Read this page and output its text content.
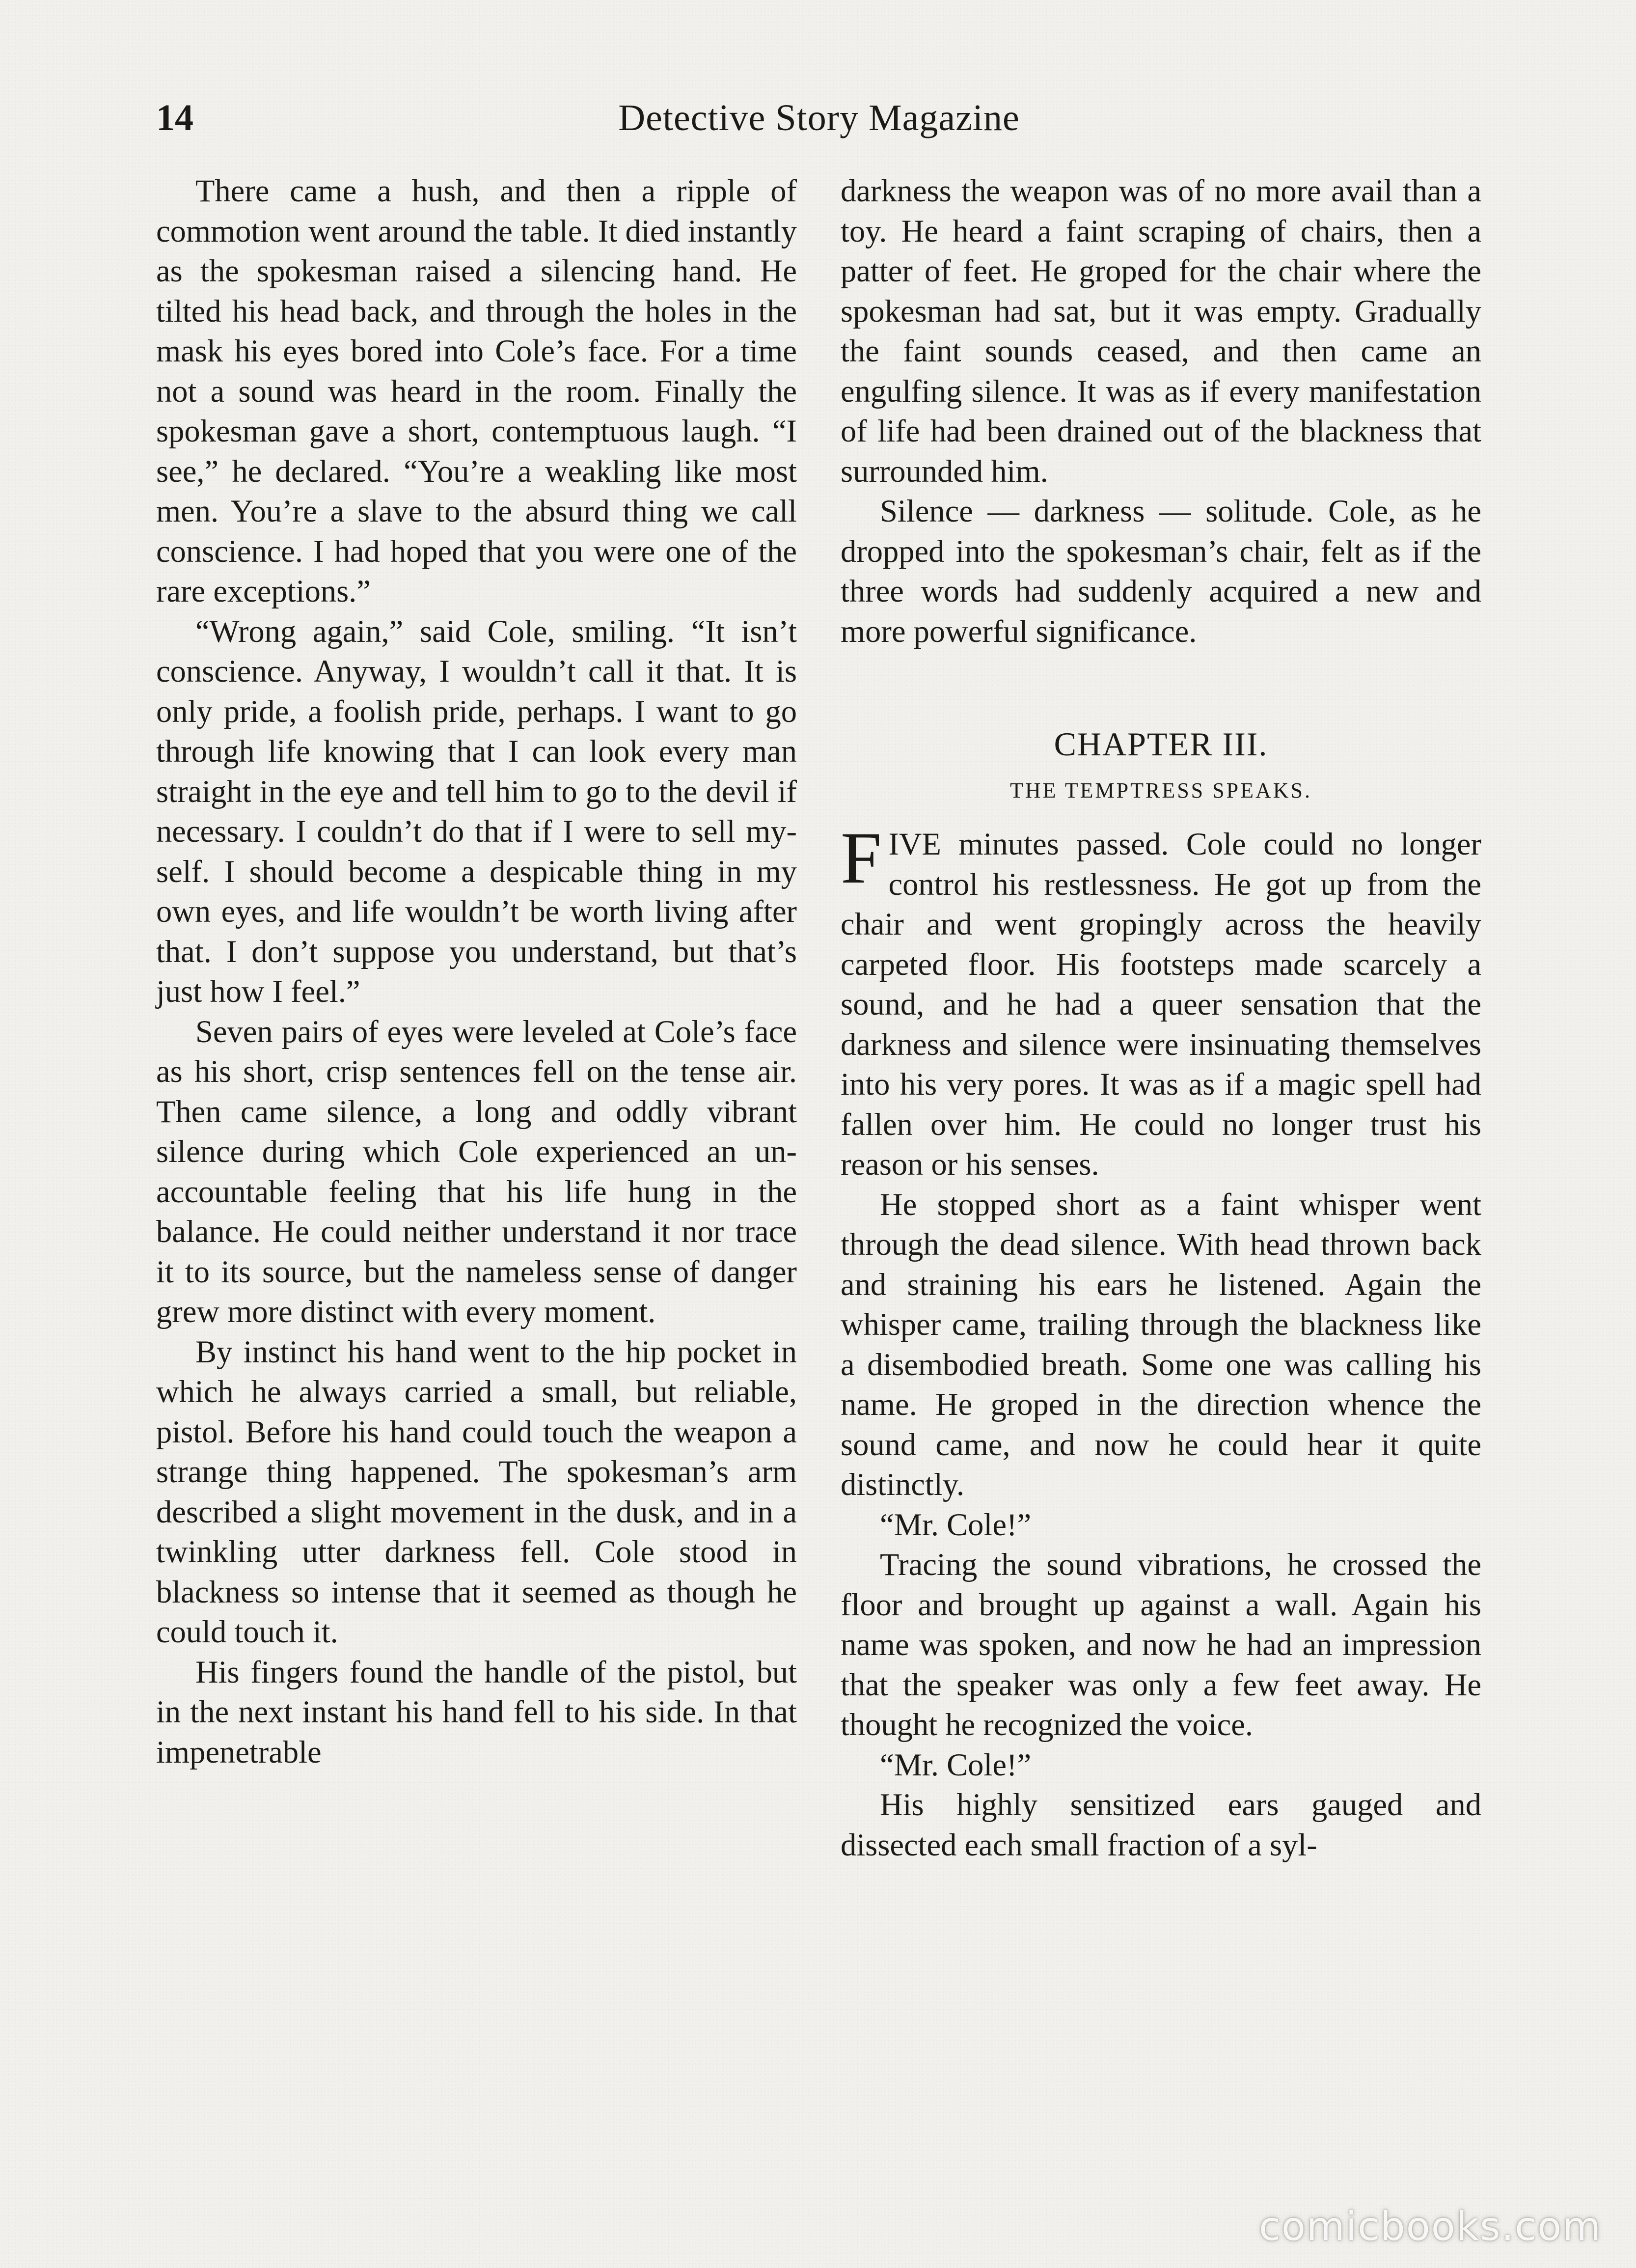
14	Detective Story Magazine

There came a hush, and then a ripple of commotion went around the table. It died instantly as the spokesman raised a silencing hand. He tilted his head back, and through the holes in the mask his eyes bored into Cole’s face. For a time not a sound was heard in the room. Finally the spokesman gave a short, contemptuous laugh. “I see,” he declared. “You’re a weakling like most men. You’re a slave to the absurd thing we call conscience. I had hoped that you were one of the rare exceptions.”

“Wrong again,” said Cole, smiling. “It isn’t conscience. Anyway, I wouldn’t call it that. It is only pride, a foolish pride, perhaps. I want to go through life knowing that I can look every man straight in the eye and tell him to go to the devil if necessary. I couldn’t do that if I were to sell myself. I should become a despicable thing in my own eyes, and life wouldn’t be worth living after that. I don’t suppose you understand, but that’s just how I feel.”

Seven pairs of eyes were leveled at Cole’s face as his short, crisp sentences fell on the tense air. Then came silence, a long and oddly vibrant silence during which Cole experienced an unaccountable feeling that his life hung in the balance. He could neither understand it nor trace it to its source, but the nameless sense of danger grew more distinct with every moment.

By instinct his hand went to the hip pocket in which he always carried a small, but reliable, pistol. Before his hand could touch the weapon a strange thing happened. The spokesman’s arm described a slight movement in the dusk, and in a twinkling utter darkness fell. Cole stood in blackness so intense that it seemed as though he could touch it.

His fingers found the handle of the pistol, but in the next instant his hand fell to his side. In that impenetrable

darkness the weapon was of no more avail than a toy. He heard a faint scraping of chairs, then a patter of feet. He groped for the chair where the spokesman had sat, but it was empty. Gradually the faint sounds ceased, and then came an engulfing silence. It was as if every manifestation of life had been drained out of the blackness that surrounded him.

Silence — darkness — solitude. Cole, as he dropped into the spokesman’s chair, felt as if the three words had suddenly acquired a new and more powerful significance.

CHAPTER III.
THE TEMPTRESS SPEAKS.

FIVE minutes passed. Cole could no longer control his restlessness. He got up from the chair and went gropingly across the heavily carpeted floor. His footsteps made scarcely a sound, and he had a queer sensation that the darkness and silence were insinuating themselves into his very pores. It was as if a magic spell had fallen over him. He could no longer trust his reason or his senses.

He stopped short as a faint whisper went through the dead silence. With head thrown back and straining his ears he listened. Again the whisper came, trailing through the blackness like a disembodied breath. Some one was calling his name. He groped in the direction whence the sound came, and now he could hear it quite distinctly.

“Mr. Cole!”

Tracing the sound vibrations, he crossed the floor and brought up against a wall. Again his name was spoken, and now he had an impression that the speaker was only a few feet away. He thought he recognized the voice.

“Mr. Cole!”

His highly sensitized ears gauged and dissected each small fraction of a syl-

comicbooks.com
